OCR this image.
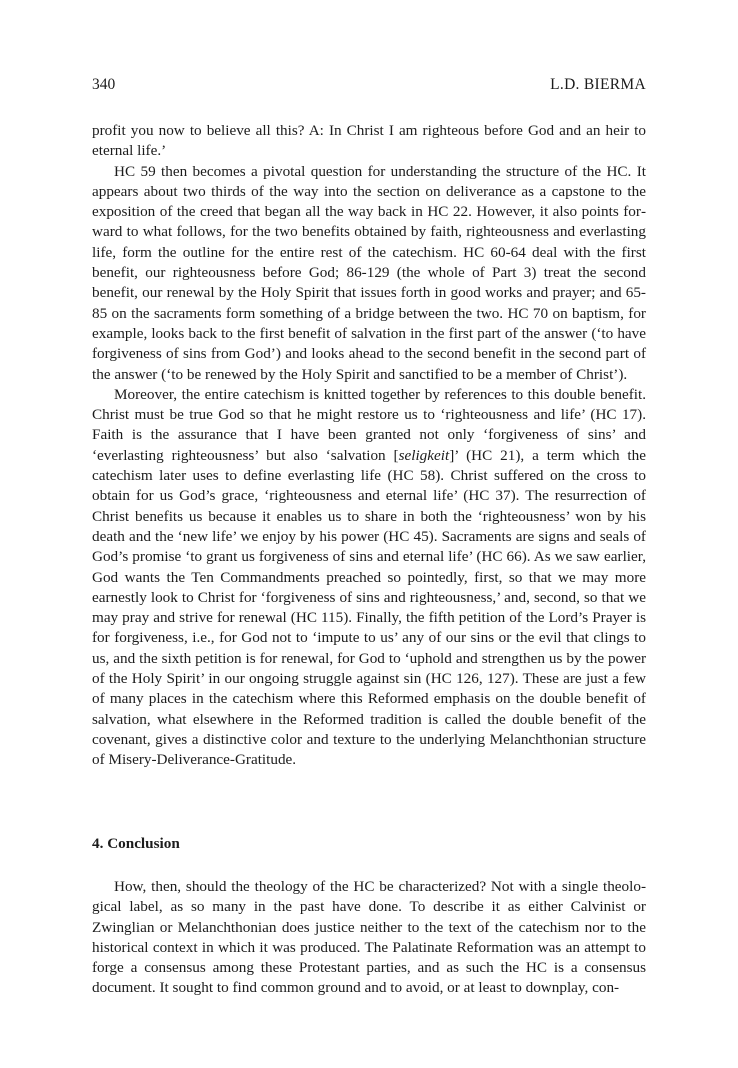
340	L.D. BIERMA

profit you now to believe all this? A: In Christ I am righteous before God and an heir to eternal life.’

HC 59 then becomes a pivotal question for understanding the structure of the HC. It appears about two thirds of the way into the section on deliverance as a capstone to the exposition of the creed that began all the way back in HC 22. However, it also points forward to what follows, for the two benefits obtained by faith, righteousness and everlasting life, form the outline for the entire rest of the catechism. HC 60-64 deal with the first benefit, our righteousness before God; 86-129 (the whole of Part 3) treat the second benefit, our renewal by the Holy Spirit that issues forth in good works and prayer; and 65-85 on the sacraments form something of a bridge between the two. HC 70 on baptism, for example, looks back to the first benefit of salvation in the first part of the answer (‘to have forgiveness of sins from God’) and looks ahead to the second benefit in the second part of the answer (‘to be renewed by the Holy Spirit and sanctified to be a member of Christ’).

Moreover, the entire catechism is knitted together by references to this double benefit. Christ must be true God so that he might restore us to ‘righteousness and life’ (HC 17). Faith is the assurance that I have been granted not only ‘forgiveness of sins’ and ‘everlasting righteousness’ but also ‘salvation [seligkeit]’ (HC 21), a term which the catechism later uses to define everlasting life (HC 58). Christ suffered on the cross to obtain for us God’s grace, ‘righteousness and eternal life’ (HC 37). The resurrection of Christ benefits us because it enables us to share in both the ‘righteousness’ won by his death and the ‘new life’ we enjoy by his power (HC 45). Sacraments are signs and seals of God’s promise ‘to grant us forgiveness of sins and eternal life’ (HC 66). As we saw earlier, God wants the Ten Commandments preached so pointedly, first, so that we may more earnestly look to Christ for ‘forgiveness of sins and righteousness,’ and, second, so that we may pray and strive for renewal (HC 115). Finally, the fifth petition of the Lord’s Prayer is for forgiveness, i.e., for God not to ‘impute to us’ any of our sins or the evil that clings to us, and the sixth petition is for renewal, for God to ‘uphold and strengthen us by the power of the Holy Spirit’ in our ongoing struggle against sin (HC 126, 127). These are just a few of many places in the catechism where this Reformed emphasis on the double benefit of salvation, what elsewhere in the Reformed tradition is called the double benefit of the covenant, gives a distinctive color and texture to the underlying Melanchthonian structure of Misery-Deliverance-Gratitude.

4. Conclusion

How, then, should the theology of the HC be characterized? Not with a single theological label, as so many in the past have done. To describe it as either Calvinist or Zwinglian or Melanchthonian does justice neither to the text of the catechism nor to the historical context in which it was produced. The Palatinate Reformation was an attempt to forge a consensus among these Protestant parties, and as such the HC is a consensus document. It sought to find common ground and to avoid, or at least to downplay, con-
